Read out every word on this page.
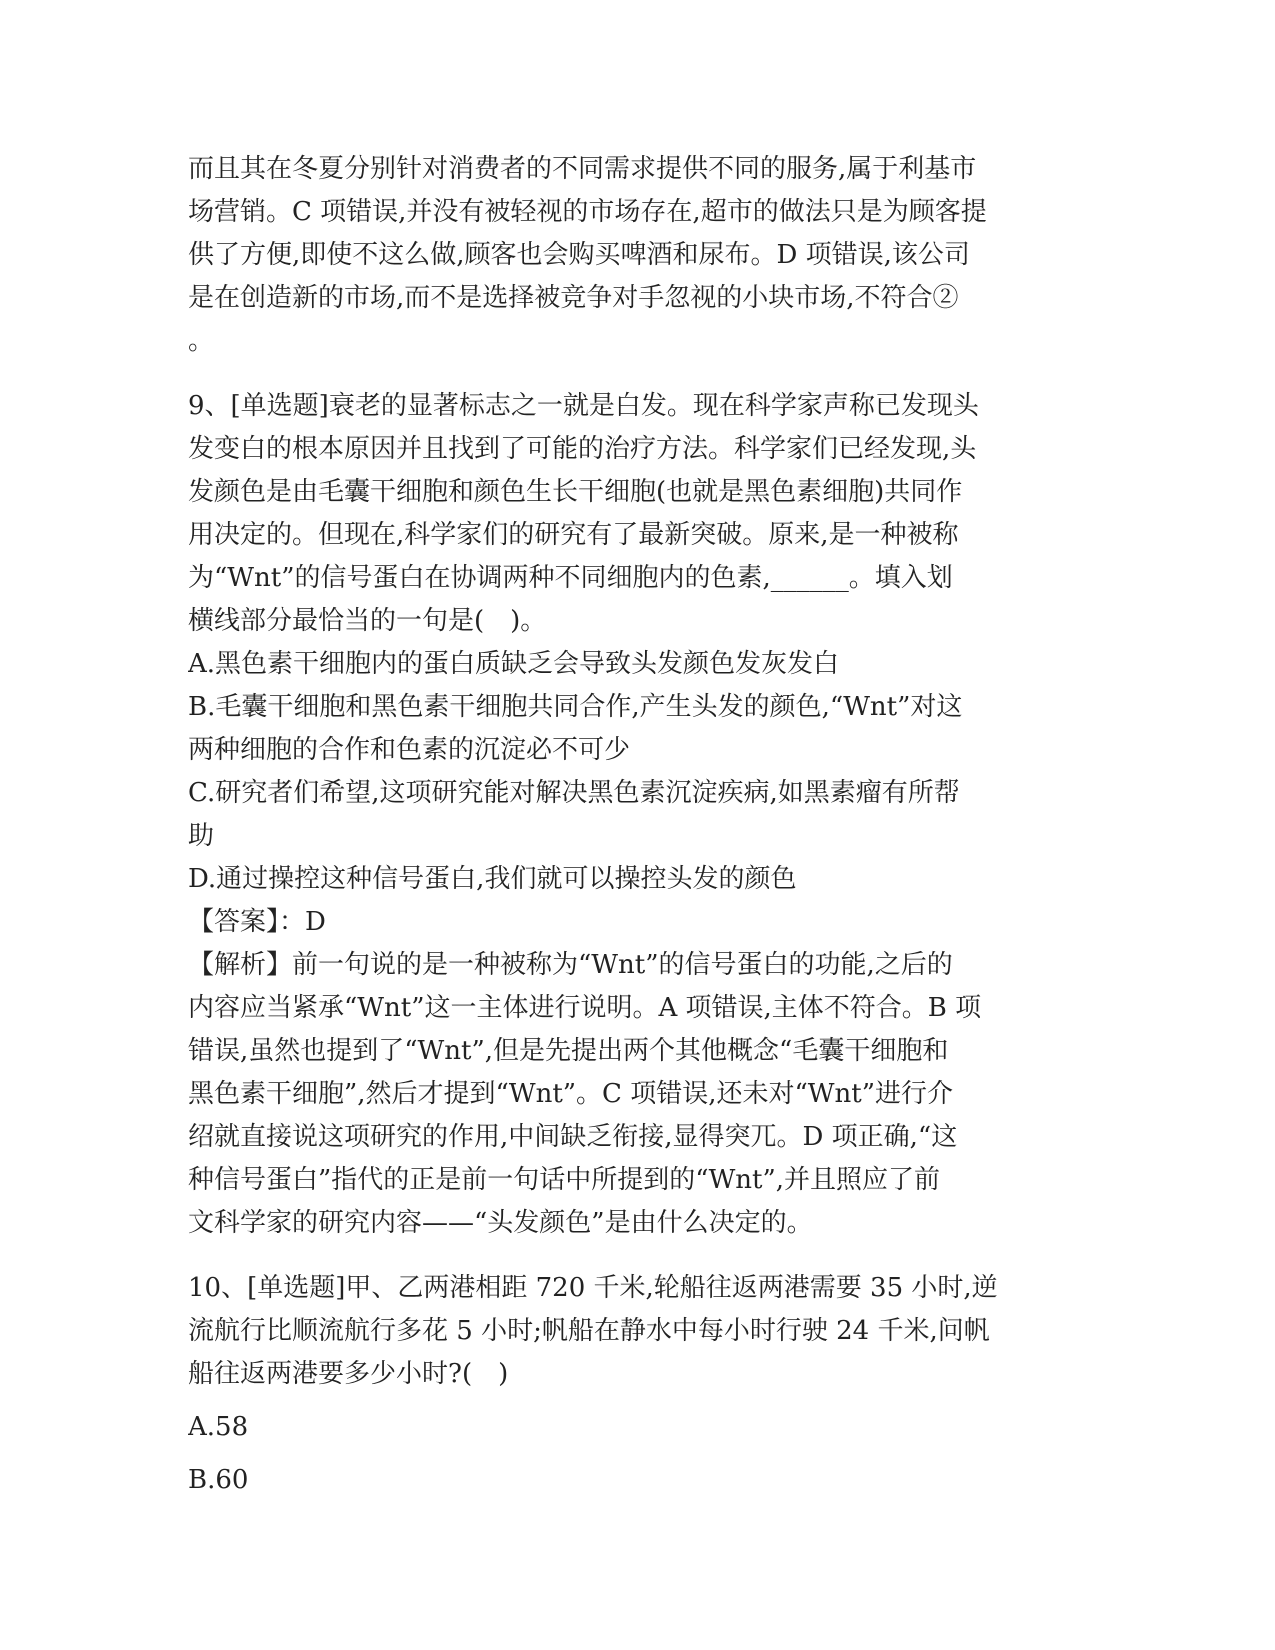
而且其在冬夏分别针对消费者的不同需求提供不同的服务,属于利基市
场营销。C 项错误,并没有被轻视的市场存在,超市的做法只是为顾客提
供了方便,即使不这么做,顾客也会购买啤酒和尿布。D 项错误,该公司
是在创造新的市场,而不是选择被竞争对手忽视的小块市场,不符合②
。
9、[单选题]衰老的显著标志之一就是白发。现在科学家声称已发现头
发变白的根本原因并且找到了可能的治疗方法。科学家们已经发现,头
发颜色是由毛囊干细胞和颜色生长干细胞(也就是黑色素细胞)共同作
用决定的。但现在,科学家们的研究有了最新突破。原来,是一种被称
为“Wnt”的信号蛋白在协调两种不同细胞内的色素,______。填入划
横线部分最恰当的一句是(　)。
A.黑色素干细胞内的蛋白质缺乏会导致头发颜色发灰发白
B.毛囊干细胞和黑色素干细胞共同合作,产生头发的颜色,“Wnt”对这
两种细胞的合作和色素的沉淀必不可少
C.研究者们希望,这项研究能对解决黑色素沉淀疾病,如黑素瘤有所帮
助
D.通过操控这种信号蛋白,我们就可以操控头发的颜色
【答案】：D
【解析】前一句说的是一种被称为“Wnt”的信号蛋白的功能,之后的
内容应当紧承“Wnt”这一主体进行说明。A 项错误,主体不符合。B 项
错误,虽然也提到了“Wnt”,但是先提出两个其他概念“毛囊干细胞和
黑色素干细胞”,然后才提到“Wnt”。C 项错误,还未对“Wnt”进行介
绍就直接说这项研究的作用,中间缺乏衔接,显得突兀。D 项正确,“这
种信号蛋白”指代的正是前一句话中所提到的“Wnt”,并且照应了前
文科学家的研究内容——“头发颜色”是由什么决定的。
10、[单选题]甲、乙两港相距 720 千米,轮船往返两港需要 35 小时,逆
流航行比顺流航行多花 5 小时;帆船在静水中每小时行驶 24 千米,问帆
船往返两港要多少小时?(　)
A.58
B.60
